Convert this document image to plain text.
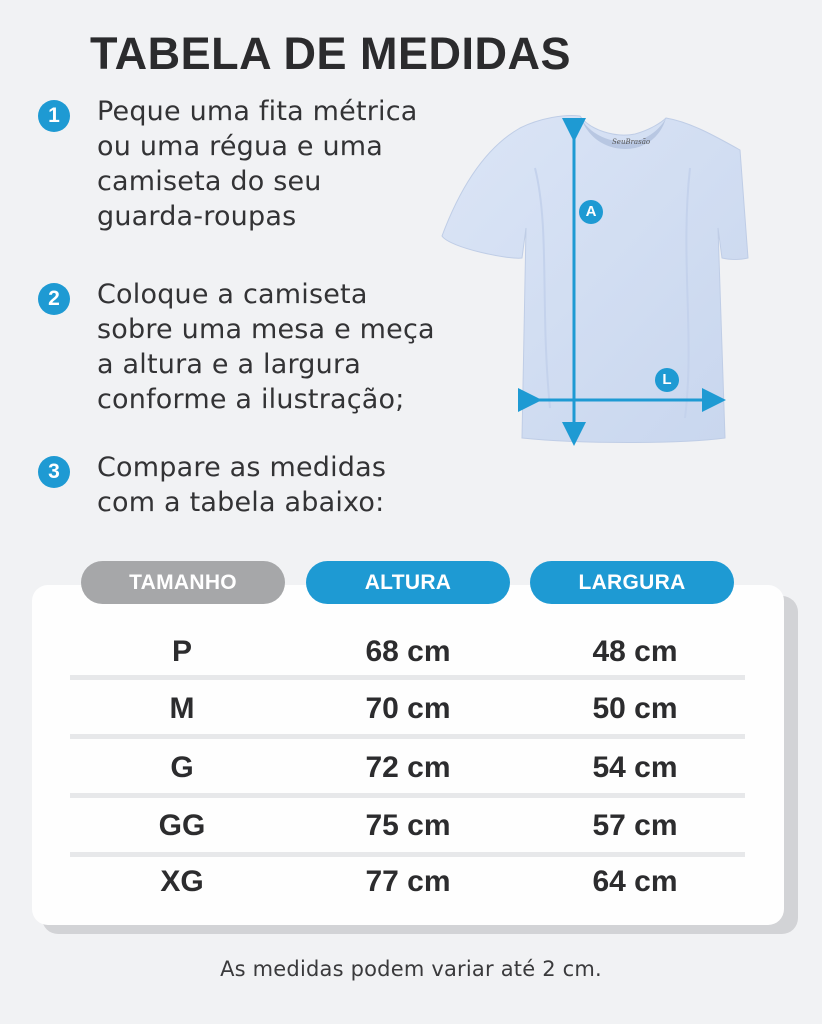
TABELA DE MEDIDAS
1	Peque uma fita métrica
ou uma régua e uma
camiseta do seu
guarda-roupas
2	Coloque a camiseta
sobre uma mesa e meça
a altura e a largura
conforme a ilustração;
3	Compare as medidas
com a tabela abaixo:
SeuBrasão
A
L
TAMANHO	ALTURA	LARGURA
P	68 cm	48 cm
M	70 cm	50 cm
G	72 cm	54 cm
GG	75 cm	57 cm
XG	77 cm	64 cm
As medidas podem variar até 2 cm.
